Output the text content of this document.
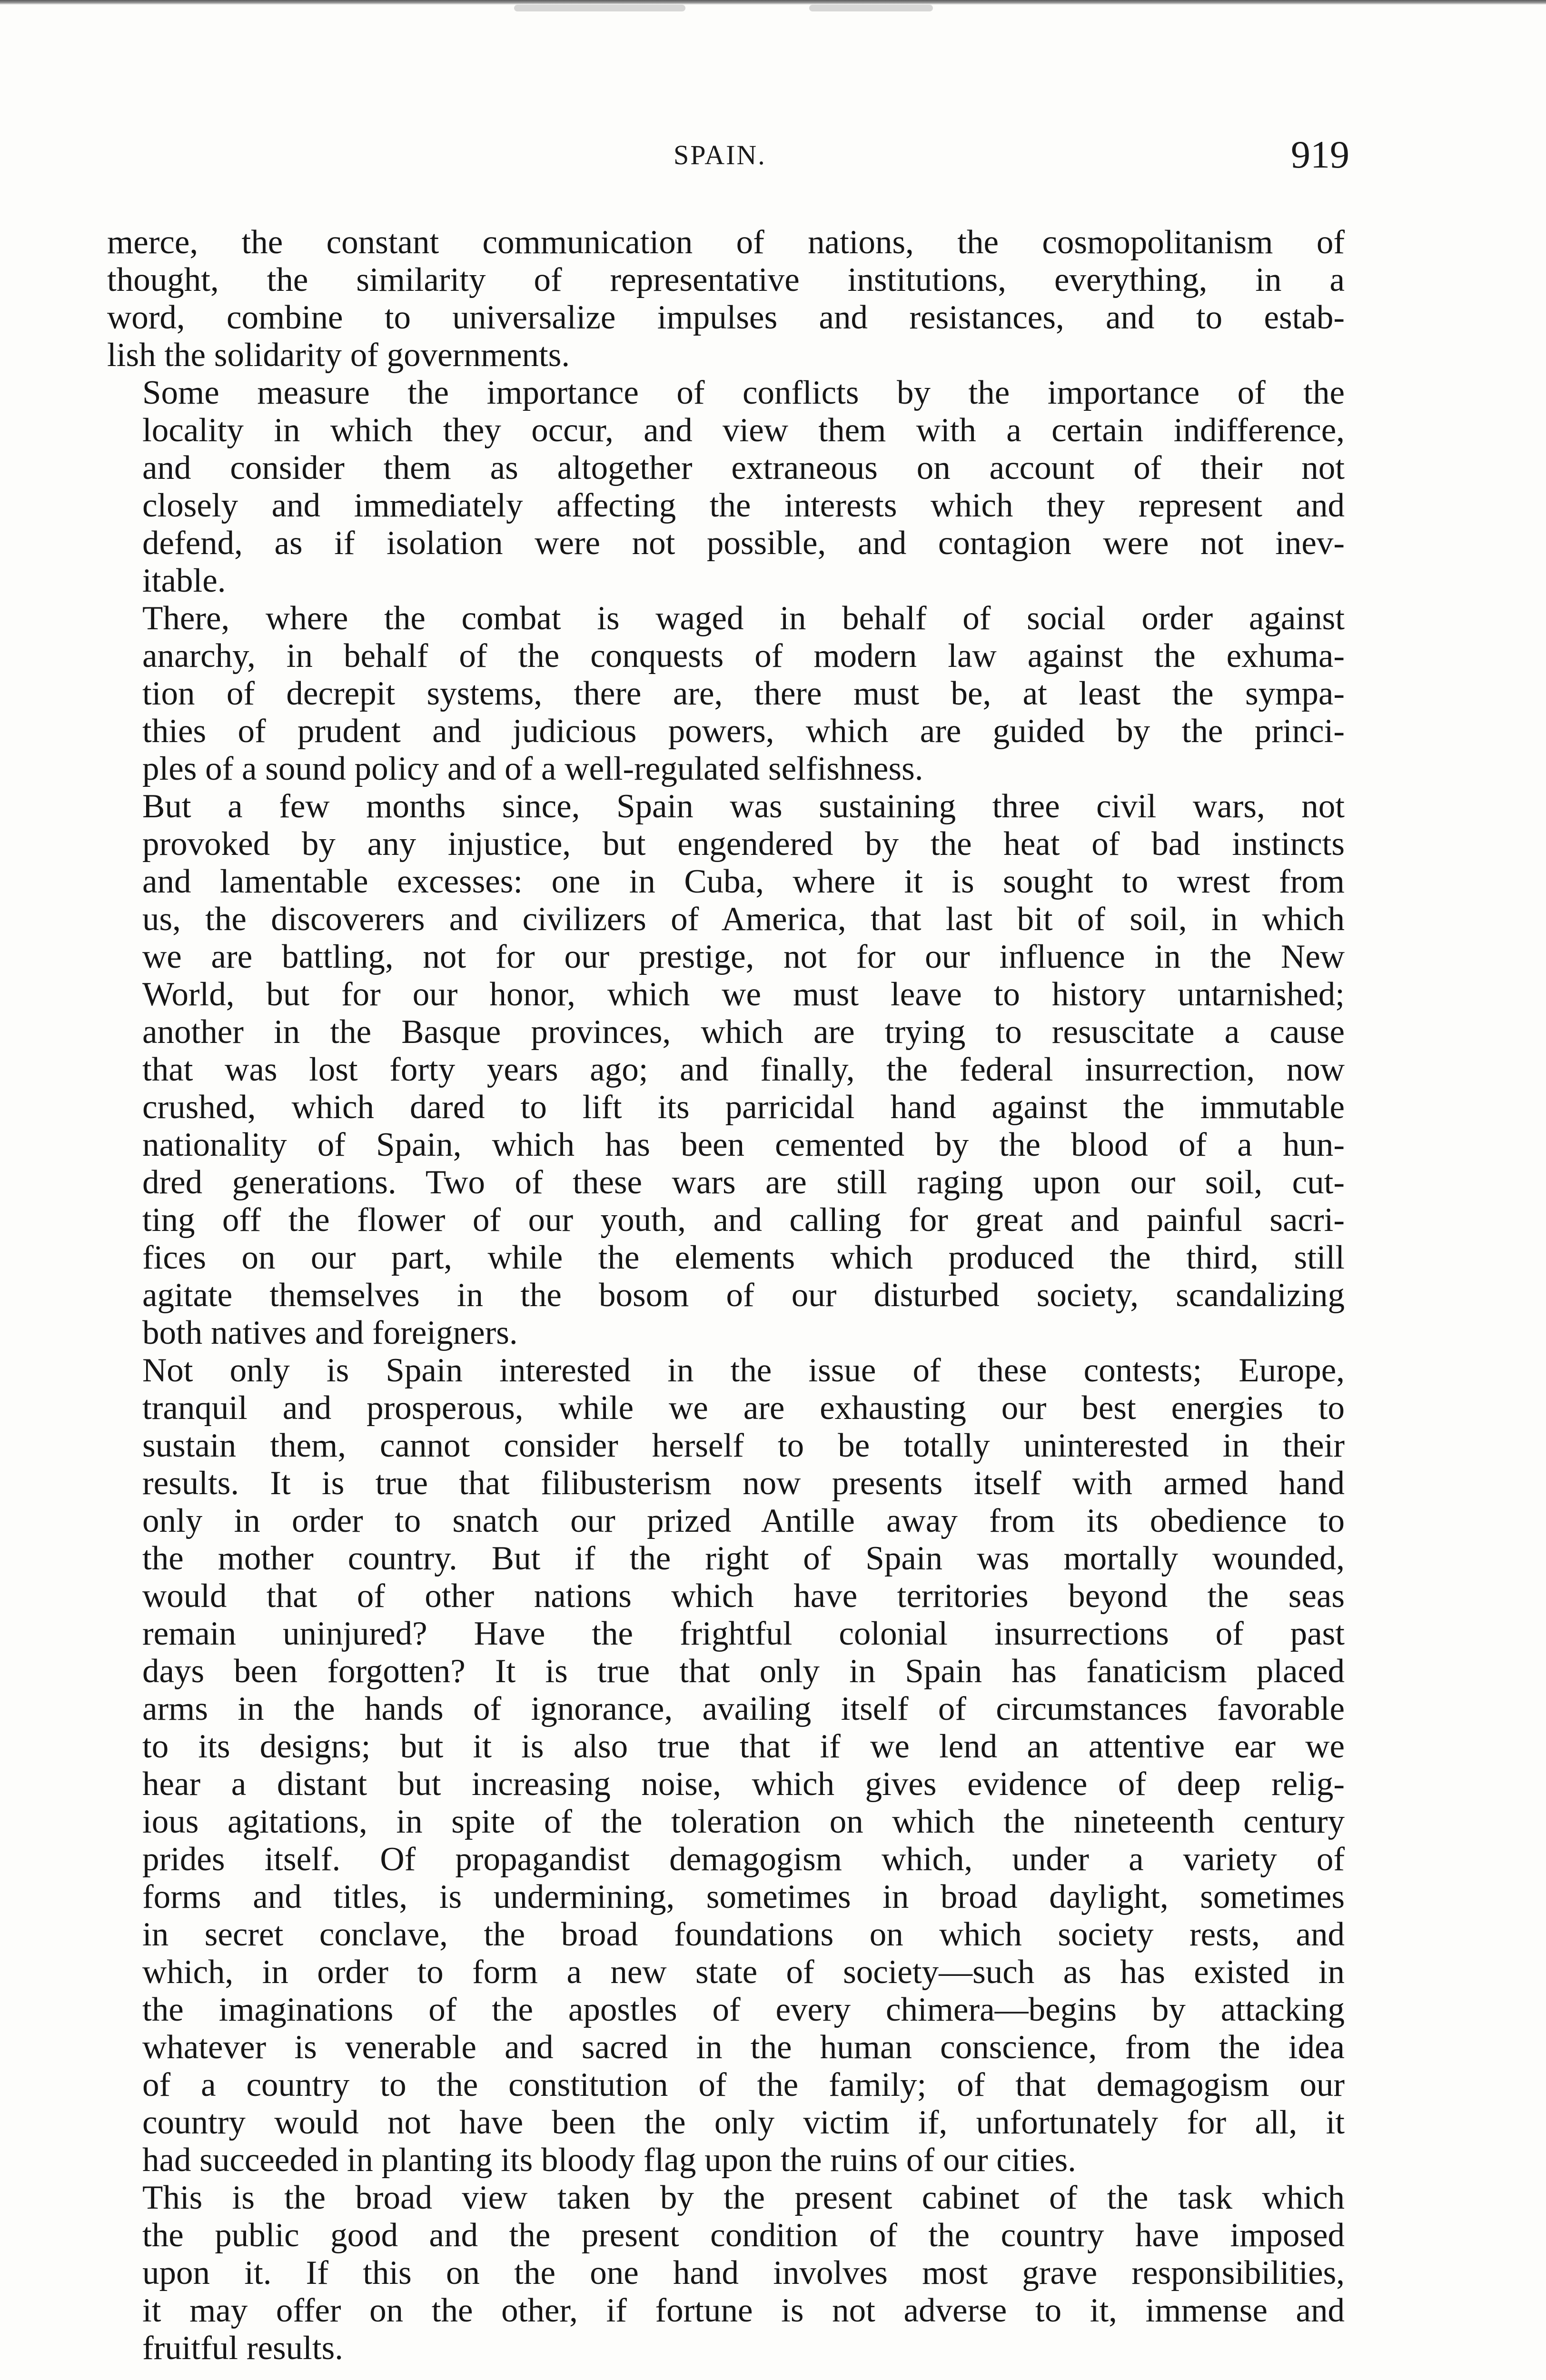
SPAIN.	919

merce, the constant communication of nations, the cosmopolitanism of
thought, the similarity of representative institutions, everything, in a
word, combine to universalize impulses and resistances, and to estab-
lish the solidarity of governments.

Some measure the importance of conflicts by the importance of the
locality in which they occur, and view them with a certain indifference,
and consider them as altogether extraneous on account of their not
closely and immediately affecting the interests which they represent and
defend, as if isolation were not possible, and contagion were not inev-
itable.

There, where the combat is waged in behalf of social order against
anarchy, in behalf of the conquests of modern law against the exhuma-
tion of decrepit systems, there are, there must be, at least the sympa-
thies of prudent and judicious powers, which are guided by the princi-
ples of a sound policy and of a well-regulated selfishness.

But a few months since, Spain was sustaining three civil wars, not
provoked by any injustice, but engendered by the heat of bad instincts
and lamentable excesses: one in Cuba, where it is sought to wrest from
us, the discoverers and civilizers of America, that last bit of soil, in which
we are battling, not for our prestige, not for our influence in the New
World, but for our honor, which we must leave to history untarnished;
another in the Basque provinces, which are trying to resuscitate a cause
that was lost forty years ago; and finally, the federal insurrection, now
crushed, which dared to lift its parricidal hand against the immutable
nationality of Spain, which has been cemented by the blood of a hun-
dred generations. Two of these wars are still raging upon our soil, cut-
ting off the flower of our youth, and calling for great and painful sacri-
fices on our part, while the elements which produced the third, still
agitate themselves in the bosom of our disturbed society, scandalizing
both natives and foreigners.

Not only is Spain interested in the issue of these contests; Europe,
tranquil and prosperous, while we are exhausting our best energies to
sustain them, cannot consider herself to be totally uninterested in their
results. It is true that filibusterism now presents itself with armed hand
only in order to snatch our prized Antille away from its obedience to
the mother country. But if the right of Spain was mortally wounded,
would that of other nations which have territories beyond the seas
remain uninjured? Have the frightful colonial insurrections of past
days been forgotten? It is true that only in Spain has fanaticism placed
arms in the hands of ignorance, availing itself of circumstances favorable
to its designs; but it is also true that if we lend an attentive ear we
hear a distant but increasing noise, which gives evidence of deep relig-
ious agitations, in spite of the toleration on which the nineteenth century
prides itself. Of propagandist demagogism which, under a variety of
forms and titles, is undermining, sometimes in broad daylight, sometimes
in secret conclave, the broad foundations on which society rests, and
which, in order to form a new state of society—such as has existed in
the imaginations of the apostles of every chimera—begins by attacking
whatever is venerable and sacred in the human conscience, from the idea
of a country to the constitution of the family; of that demagogism our
country would not have been the only victim if, unfortunately for all, it
had succeeded in planting its bloody flag upon the ruins of our cities.

This is the broad view taken by the present cabinet of the task which
the public good and the present condition of the country have imposed
upon it. If this on the one hand involves most grave responsibilities,
it may offer on the other, if fortune is not adverse to it, immense and
fruitful results.
